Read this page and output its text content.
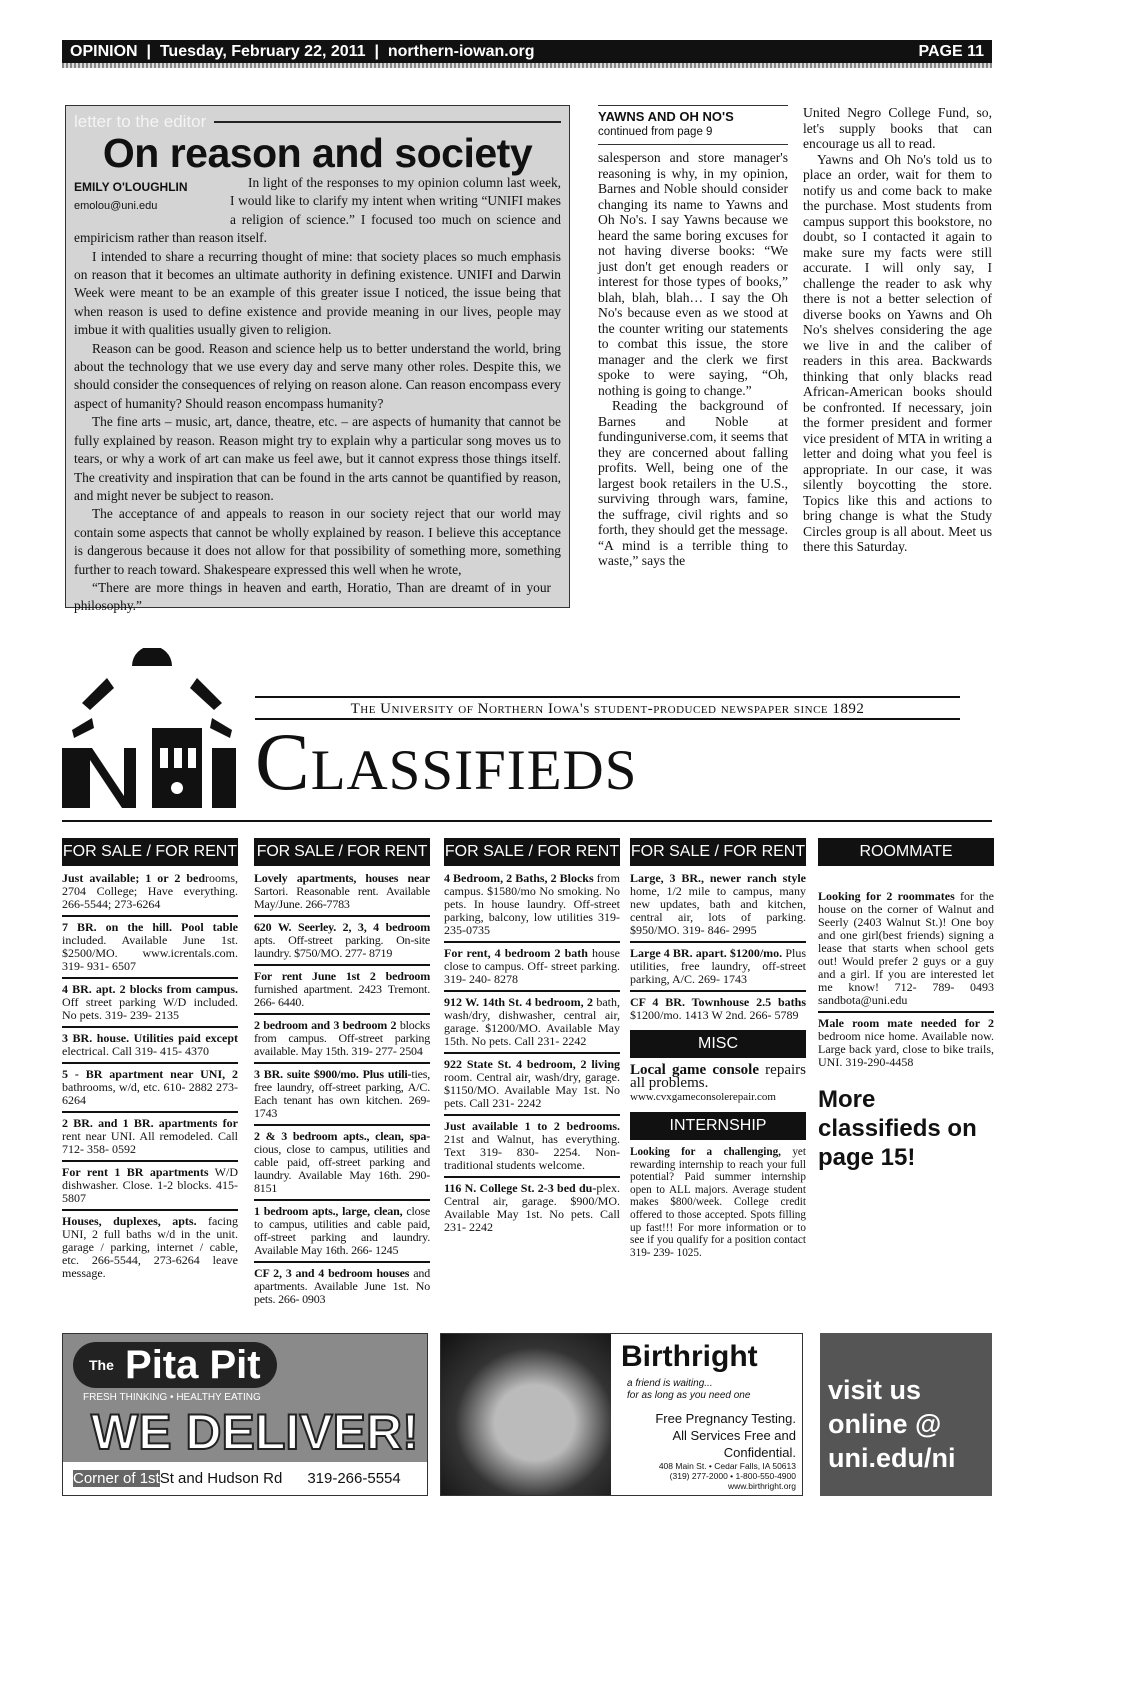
OPINION  |  Tuesday, February 22, 2011  |  northern-iowan.org	PAGE 11
letter to the editor
On reason and society
EMILY O'LOUGHLIN
emolou@uni.edu

In light of the responses to my opinion column last week, I would like to clarify my intent when writing “UNIFI makes a religion of science.” I focused too much on science and empiricism rather than reason itself.

I intended to share a recurring thought of mine: that society places so much emphasis on reason that it becomes an ultimate authority in defining existence. UNIFI and Darwin Week were meant to be an example of this greater issue I noticed, the issue being that when reason is used to define existence and provide meaning in our lives, people may imbue it with qualities usually given to religion.

Reason can be good. Reason and science help us to better understand the world, bring about the technology that we use every day and serve many other roles. Despite this, we should consider the consequences of relying on reason alone. Can reason encompass every aspect of humanity? Should reason encompass humanity?

The fine arts – music, art, dance, theatre, etc. – are aspects of humanity that cannot be fully explained by reason. Reason might try to explain why a particular song moves us to tears, or why a work of art can make us feel awe, but it cannot express those things itself. The creativity and inspiration that can be found in the arts cannot be quantified by reason, and might never be subject to reason.

The acceptance of and appeals to reason in our society reject that our world may contain some aspects that cannot be wholly explained by reason. I believe this acceptance is dangerous because it does not allow for that possibility of something more, something further to reach toward. Shakespeare expressed this well when he wrote,

“There are more things in heaven and earth, Horatio, Than are dreamt of in your philosophy.”

YAWNS AND OH NO'S
continued from page 9

salesperson and store manager's reasoning is why, in my opinion, Barnes and Noble should consider changing its name to Yawns and Oh No's. I say Yawns because we heard the same boring excuses for not having diverse books: “We just don't get enough readers or interest for those types of books,” blah, blah, blah… I say the Oh No's because even as we stood at the counter writing our statements to combat this issue, the store manager and the clerk we first spoke to were saying, “Oh, nothing is going to change.”

Reading the background of Barnes and Noble at fundinguniverse.com, it seems that they are concerned about falling profits. Well, being one of the largest book retailers in the U.S., surviving through wars, famine, the suffrage, civil rights and so forth, they should get the message. “A mind is a terrible thing to waste,” says the

United Negro College Fund, so, let's supply books that can encourage us all to read.

Yawns and Oh No's told us to place an order, wait for them to notify us and come back to make the purchase. Most students from campus support this bookstore, no doubt, so I contacted it again to make sure my facts were still accurate. I will only say, I challenge the reader to ask why there is not a better selection of diverse books on Yawns and Oh No's shelves considering the age we live in and the caliber of readers in this area. Backwards thinking that only blacks read African-American books should be confronted. If necessary, join the former president and former vice president of MTA in writing a letter and doing what you feel is appropriate. In our case, it was silently boycotting the store. Topics like this and actions to bring change is what the Study Circles group is all about. Meet us there this Saturday.

The University of Northern Iowa's student-produced newspaper since 1892
Classifieds
FOR SALE / FOR RENT
Just available; 1 or 2 bedrooms, 2704 College; Have everything. 266-5544; 273-6264
7 BR. on the hill. Pool table included. Available June 1st. $2500/MO. www.icrentals.com. 319- 931- 6507
4 BR. apt. 2 blocks from campus. Off street parking W/D included. No pets. 319- 239- 2135
3 BR. house. Utilities paid except electrical. Call 319- 415- 4370
5 - BR apartment near UNI, 2 bathrooms, w/d, etc. 610- 2882 273- 6264
2 BR. and 1 BR. apartments for rent near UNI. All remodeled. Call 712- 358- 0592
For rent 1 BR apartments W/D dishwasher. Close. 1-2 blocks. 415- 5807
Houses, duplexes, apts. facing UNI, 2 full baths w/d in the unit. garage / parking, internet / cable, etc. 266-5544, 273-6264 leave message.
FOR SALE / FOR RENT
Lovely apartments, houses near Sartori. Reasonable rent. Available May/June. 266-7783
620 W. Seerley. 2, 3, 4 bedroom apts. Off-street parking. On-site laundry. $750/MO. 277- 8719
For rent June 1st 2 bedroom furnished apartment. 2423 Tremont. 266- 6440.
2 bedroom and 3 bedroom 2 blocks from campus. Off-street parking available. May 15th. 319- 277- 2504
3 BR. suite $900/mo. Plus utili-ties, free laundry, off-street parking, A/C. Each tenant has own kitchen. 269- 1743
2 & 3 bedroom apts., clean, spa-cious, close to campus, utilities and cable paid, off-street parking and laundry. Available May 16th. 290- 8151
1 bedroom apts., large, clean, close to campus, utilities and cable paid, off-street parking and laundry. Available May 16th. 266- 1245
CF 2, 3 and 4 bedroom houses and apartments. Available June 1st. No pets. 266- 0903
FOR SALE / FOR RENT
4 Bedroom, 2 Baths, 2 Blocks from campus. $1580/mo No smoking. No pets. In house laundry. Off-street parking, balcony, low utilities 319-235-0735
For rent, 4 bedroom 2 bath house close to campus. Off- street parking. 319- 240- 8278
912 W. 14th St. 4 bedroom, 2 bath, wash/dry, dishwasher, central air, garage. $1200/MO. Available May 15th. No pets. Call 231- 2242
922 State St. 4 bedroom, 2 living room. Central air, wash/dry, garage. $1150/MO. Available May 1st. No pets. Call 231- 2242
Just available 1 to 2 bedrooms. 21st and Walnut, has everything. Text 319- 830- 2254. Non-traditional students welcome.
116 N. College St. 2-3 bed du-plex. Central air, garage. $900/MO. Available May 1st. No pets. Call 231- 2242
FOR SALE / FOR RENT
Large, 3 BR., newer ranch style home, 1/2 mile to campus, many new updates, bath and kitchen, central air, lots of parking. $950/MO. 319- 846- 2995
Large 4 BR. apart. $1200/mo. Plus utilities, free laundry, off-street parking, A/C. 269- 1743
CF 4 BR. Townhouse 2.5 baths $1200/mo. 1413 W 2nd. 266- 5789
MISC
Local game console repairs all problems.
www.cvxgameconsolerepair.com
INTERNSHIP
Looking for a challenging, yet rewarding internship to reach your full potential? Paid summer internship open to ALL majors. Average student makes $800/week. College credit offered to those accepted. Spots filling up fast!!! For more information or to see if you qualify for a position contact 319- 239- 1025.
ROOMMATE
Looking for 2 roommates for the house on the corner of Walnut and Seerly (2403 Walnut St.)! One boy and one girl(best friends) signing a lease that starts when school gets out! Would prefer 2 guys or a guy and a girl. If you are interested let me know! 712- 789- 0493 sandbota@uni.edu
Male room mate needed for 2 bedroom nice home. Available now. Large back yard, close to bike trails, UNI. 319-290-4458
More classifieds on page 15!
$^{The}$ Pita Pit
FRESH THINKING • HEALTHY EATING
WE DELIVER!
Corner of 1stSt and Hudson Rd 319-266-5554
Birthright
a friend is waiting...
for as long as you need one
Free Pregnancy Testing.
All Services Free and
Confidential.
408 Main St. • Cedar Falls, IA 50613
(319) 277-2000 • 1-800-550-4900
www.birthright.org
visit us
online @
uni.edu/ni
